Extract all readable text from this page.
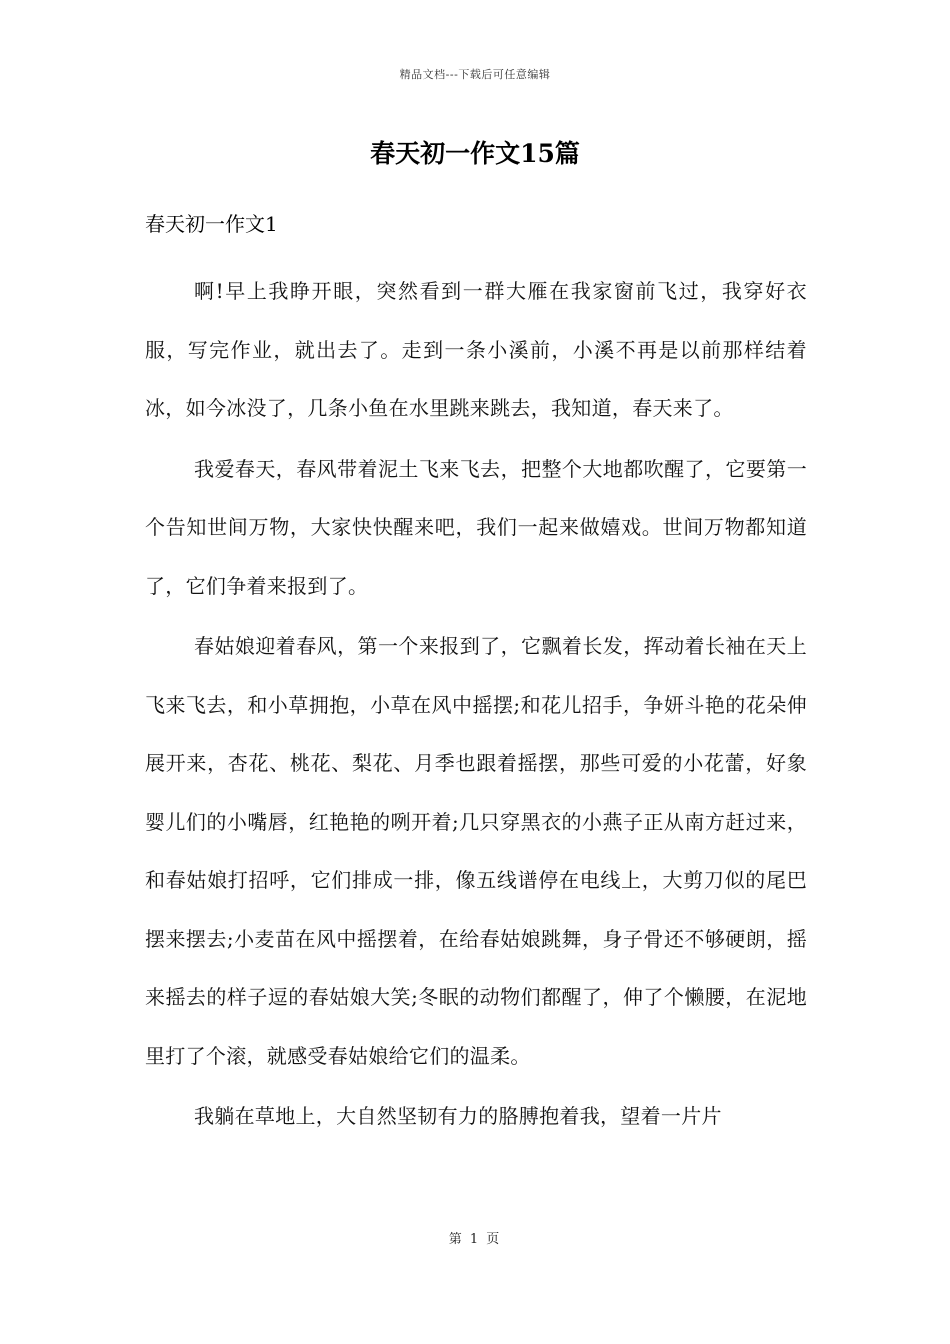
精品文档---下载后可任意编辑
春天初一作文15篇
春天初一作文1

啊!早上我睁开眼，突然看到一群大雁在我家窗前飞过，我穿好衣服，写完作业，就出去了。走到一条小溪前，小溪不再是以前那样结着冰，如今冰没了，几条小鱼在水里跳来跳去，我知道，春天来了。

我爱春天，春风带着泥土飞来飞去，把整个大地都吹醒了，它要第一个告知世间万物，大家快快醒来吧，我们一起来做嬉戏。世间万物都知道了，它们争着来报到了。

春姑娘迎着春风，第一个来报到了，它飘着长发，挥动着长袖在天上飞来飞去，和小草拥抱，小草在风中摇摆;和花儿招手，争妍斗艳的花朵伸展开来，杏花、桃花、梨花、月季也跟着摇摆，那些可爱的小花蕾，好象婴儿们的小嘴唇，红艳艳的咧开着;几只穿黑衣的小燕子正从南方赶过来，和春姑娘打招呼，它们排成一排，像五线谱停在电线上，大剪刀似的尾巴摆来摆去;小麦苗在风中摇摆着，在给春姑娘跳舞，身子骨还不够硬朗，摇来摇去的样子逗的春姑娘大笑;冬眠的动物们都醒了，伸了个懒腰，在泥地里打了个滚，就感受春姑娘给它们的温柔。

我躺在草地上，大自然坚韧有力的胳膊抱着我，望着一片片

第 1 页
